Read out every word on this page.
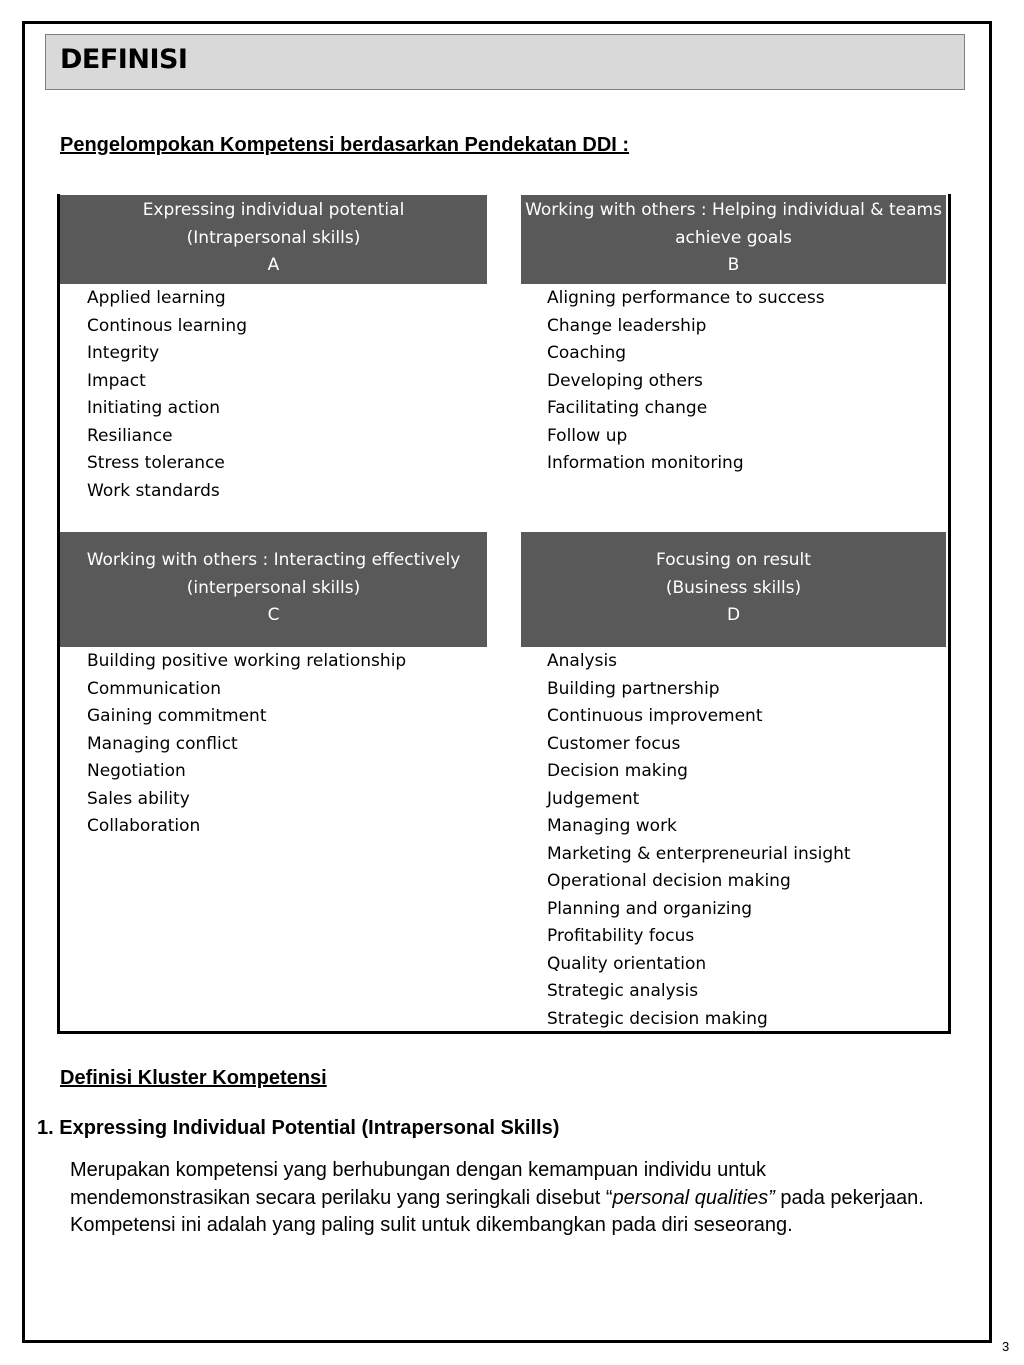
DEFINISI
Pengelompokan Kompetensi berdasarkan Pendekatan DDI :
Expressing individual potential
(Intrapersonal skills)
A
Working with others : Helping individual & teams
achieve goals
B
Working with others : Interacting effectively
(interpersonal skills)
C
Focusing on result
(Business skills)
D
Applied learning
Continous learning
Integrity
Impact
Initiating action
Resiliance
Stress tolerance
Work standards
Aligning performance to success
Change leadership
Coaching
Developing others
Facilitating change
Follow up
Information monitoring
Building positive working relationship
Communication
Gaining commitment
Managing conflict
Negotiation
Sales ability
Collaboration
Analysis
Building partnership
Continuous improvement
Customer focus
Decision making
Judgement
Managing work
Marketing & enterpreneurial insight
Operational decision making
Planning and organizing
Profitability focus
Quality orientation
Strategic analysis
Strategic decision making
Definisi Kluster Kompetensi
1. Expressing Individual Potential (Intrapersonal Skills)

Merupakan kompetensi yang berhubungan dengan kemampuan individu untuk mendemonstrasikan secara perilaku yang seringkali disebut “personal qualities” pada pekerjaan. Kompetensi ini adalah yang paling sulit untuk dikembangkan pada diri seseorang.

3
